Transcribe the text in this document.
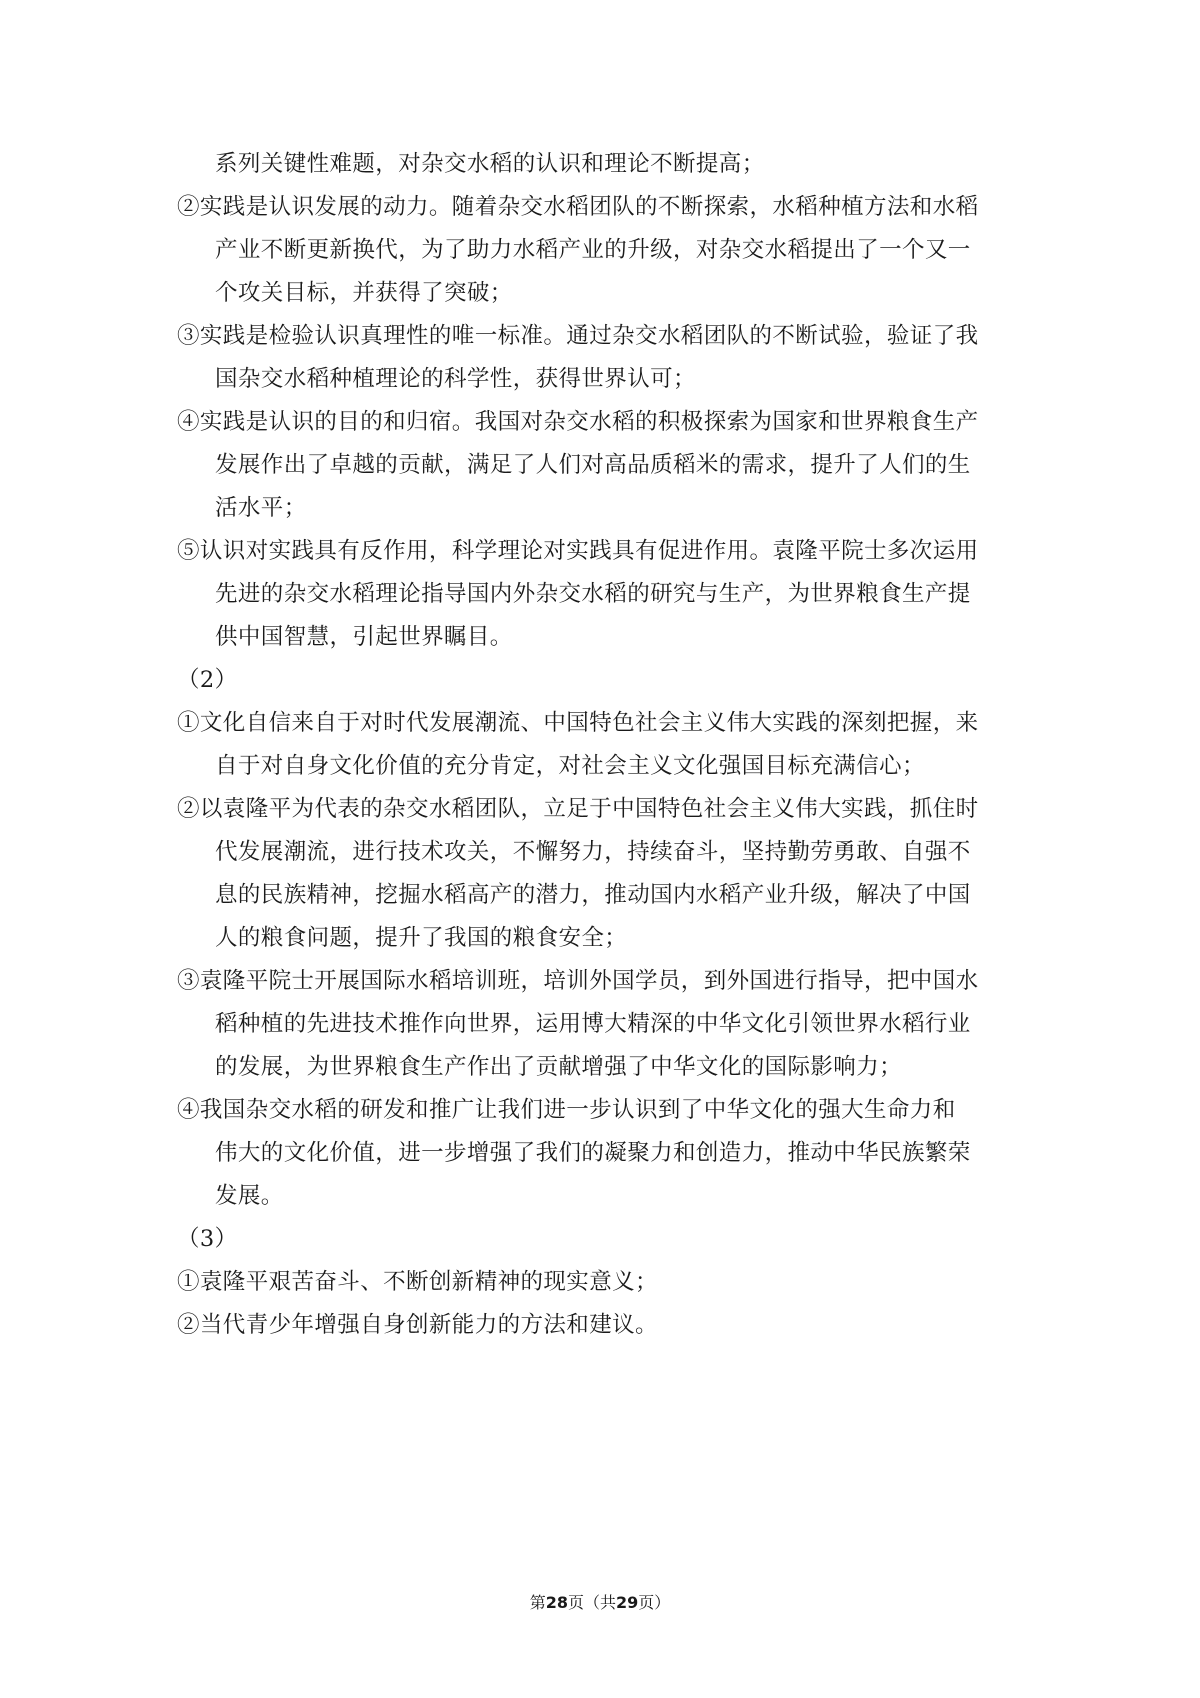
系列关键性难题，对杂交水稻的认识和理论不断提高；
②实践是认识发展的动力。随着杂交水稻团队的不断探索，水稻种植方法和水稻
产业不断更新换代，为了助力水稻产业的升级，对杂交水稻提出了一个又一
个攻关目标，并获得了突破；
③实践是检验认识真理性的唯一标准。通过杂交水稻团队的不断试验，验证了我
国杂交水稻种植理论的科学性，获得世界认可；
④实践是认识的目的和归宿。我国对杂交水稻的积极探索为国家和世界粮食生产
发展作出了卓越的贡献，满足了人们对高品质稻米的需求，提升了人们的生
活水平；
⑤认识对实践具有反作用，科学理论对实践具有促进作用。袁隆平院士多次运用
先进的杂交水稻理论指导国内外杂交水稻的研究与生产，为世界粮食生产提
供中国智慧，引起世界瞩目。
（2）
①文化自信来自于对时代发展潮流、中国特色社会主义伟大实践的深刻把握，来
自于对自身文化价值的充分肯定，对社会主义文化强国目标充满信心；
②以袁隆平为代表的杂交水稻团队，立足于中国特色社会主义伟大实践，抓住时
代发展潮流，进行技术攻关，不懈努力，持续奋斗，坚持勤劳勇敢、自强不
息的民族精神，挖掘水稻高产的潜力，推动国内水稻产业升级，解决了中国
人的粮食问题，提升了我国的粮食安全；
③袁隆平院士开展国际水稻培训班，培训外国学员，到外国进行指导，把中国水
稻种植的先进技术推作向世界，运用博大精深的中华文化引领世界水稻行业
的发展，为世界粮食生产作出了贡献增强了中华文化的国际影响力；
④我国杂交水稻的研发和推广让我们进一步认识到了中华文化的强大生命力和
伟大的文化价值，进一步增强了我们的凝聚力和创造力，推动中华民族繁荣
发展。
（3）
①袁隆平艰苦奋斗、不断创新精神的现实意义；
②当代青少年增强自身创新能力的方法和建议。
第28页（共29页）
